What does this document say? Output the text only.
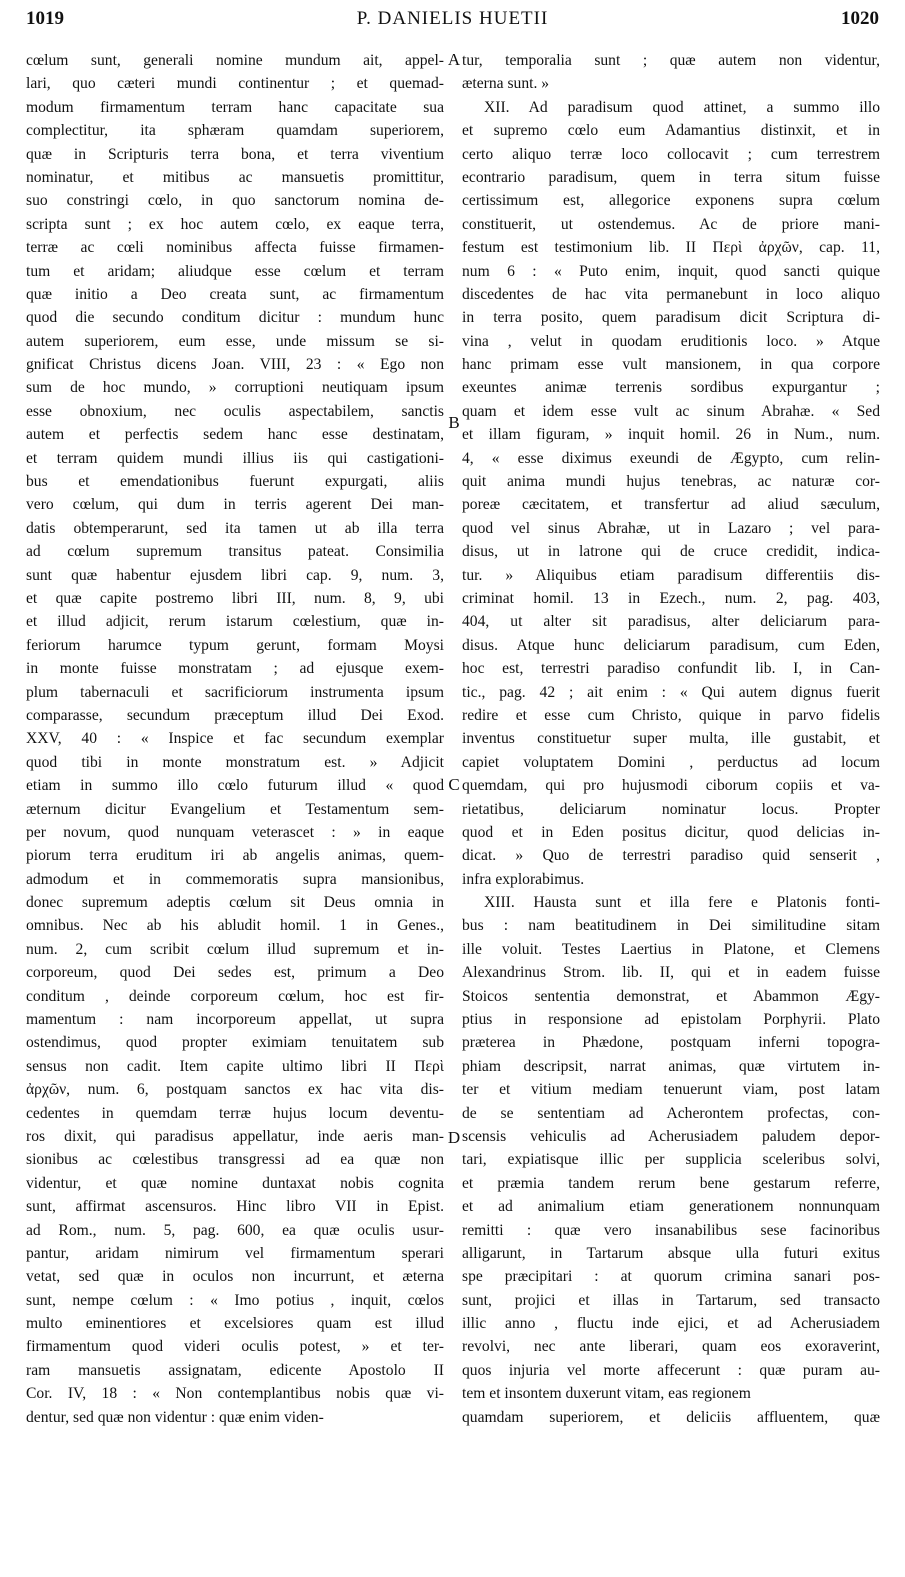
1019	P. DANIELIS HUETII	1020

cœlum sunt, generali nomine mundum ait, appel-

lari, quo cæteri mundi continentur ; et quemad-

modum firmamentum terram hanc capacitate sua

complectitur, ita sphæram quamdam superiorem,

quæ in Scripturis terra bona, et terra viventium

nominatur, et mitibus ac mansuetis promittitur,

suo constringi cœlo, in quo sanctorum nomina de-

scripta sunt ; ex hoc autem cœlo, ex eaque terra,

terræ ac cœli nominibus affecta fuisse firmamen-

tum et aridam; aliudque esse cœlum et terram

quæ initio a Deo creata sunt, ac firmamentum

quod die secundo conditum dicitur : mundum hunc

autem superiorem, eum esse, unde missum se si-

gnificat Christus dicens Joan. VIII, 23 : « Ego non

sum de hoc mundo, » corruptioni neutiquam ipsum

esse obnoxium, nec oculis aspectabilem, sanctis

autem et perfectis sedem hanc esse destinatam,

et terram quidem mundi illius iis qui castigationi-

bus et emendationibus fuerunt expurgati, aliis

vero cœlum, qui dum in terris agerent Dei man-

datis obtemperarunt, sed ita tamen ut ab illa terra

ad cœlum supremum transitus pateat. Consimilia

sunt quæ habentur ejusdem libri cap. 9, num. 3,

et quæ capite postremo libri III, num. 8, 9, ubi

et illud adjicit, rerum istarum cœlestium, quæ in-

feriorum harumce typum gerunt, formam Moysi

in monte fuisse monstratam ; ad ejusque exem-

plum tabernaculi et sacrificiorum instrumenta ipsum

comparasse, secundum præceptum illud Dei Exod.

XXV, 40 : « Inspice et fac secundum exemplar

quod tibi in monte monstratum est. » Adjicit

etiam in summo illo cœlo futurum illud « quod

æternum dicitur Evangelium et Testamentum sem-

per novum, quod nunquam veterascet : » in eaque

piorum terra eruditum iri ab angelis animas, quem-

admodum et in commemoratis supra mansionibus,

donec supremum adeptis cœlum sit Deus omnia in

omnibus. Nec ab his abludit homil. 1 in Genes.,

num. 2, cum scribit cœlum illud supremum et in-

corporeum, quod Dei sedes est, primum a Deo

conditum , deinde corporeum cœlum, hoc est fir-

mamentum : nam incorporeum appellat, ut supra

ostendimus, quod propter eximiam tenuitatem sub

sensus non cadit. Item capite ultimo libri II Περὶ

ἀρχῶν, num. 6, postquam sanctos ex hac vita dis-

cedentes in quemdam terræ hujus locum deventu-

ros dixit, qui paradisus appellatur, inde aeris man-

sionibus ac cœlestibus transgressi ad ea quæ non

videntur, et quæ nomine duntaxat nobis cognita

sunt, affirmat ascensuros. Hinc libro VII in Epist.

ad Rom., num. 5, pag. 600, ea quæ oculis usur-

pantur, aridam nimirum vel firmamentum sperari

vetat, sed quæ in oculos non incurrunt, et æterna

sunt, nempe cœlum : « Imo potius , inquit, cœlos

multo eminentiores et excelsiores quam est illud

firmamentum quod videri oculis potest, » et ter-

ram mansuetis assignatam, edicente Apostolo II

Cor. IV, 18 : « Non contemplantibus nobis quæ vi-

dentur, sed quæ non videntur : quæ enim viden-

tur, temporalia sunt ; quæ autem non videntur,

æterna sunt. »

XII. Ad paradisum quod attinet, a summo illo

et supremo cœlo eum Adamantius distinxit, et in

certo aliquo terræ loco collocavit ; cum terrestrem

econtrario paradisum, quem in terra situm fuisse

certissimum est, allegorice exponens supra cœlum

constituerit, ut ostendemus. Ac de priore mani-

festum est testimonium lib. II Περὶ ἀρχῶν, cap. 11,

num 6 : « Puto enim, inquit, quod sancti quique

discedentes de hac vita permanebunt in loco aliquo

in terra posito, quem paradisum dicit Scriptura di-

vina , velut in quodam eruditionis loco. » Atque

hanc primam esse vult mansionem, in qua corpore

exeuntes animæ terrenis sordibus expurgantur ;

quam et idem esse vult ac sinum Abrahæ. « Sed

et illam figuram, » inquit homil. 26 in Num., num.

4, « esse diximus exeundi de Ægypto, cum relin-

quit anima mundi hujus tenebras, ac naturæ cor-

poreæ cæcitatem, et transfertur ad aliud sæculum,

quod vel sinus Abrahæ, ut in Lazaro ; vel para-

disus, ut in latrone qui de cruce credidit, indica-

tur. » Aliquibus etiam paradisum differentiis dis-

criminat homil. 13 in Ezech., num. 2, pag. 403,

404, ut alter sit paradisus, alter deliciarum para-

disus. Atque hunc deliciarum paradisum, cum Eden,

hoc est, terrestri paradiso confundit lib. I, in Can-

tic., pag. 42 ; ait enim : « Qui autem dignus fuerit

redire et esse cum Christo, quique in parvo fidelis

inventus constituetur super multa, ille gustabit, et

capiet voluptatem Domini , perductus ad locum

quemdam, qui pro hujusmodi ciborum copiis et va-

rietatibus, deliciarum nominatur locus. Propter

quod et in Eden positus dicitur, quod delicias in-

dicat. » Quo de terrestri paradiso quid senserit ,

infra explorabimus.

XIII. Hausta sunt et illa fere e Platonis fonti-

bus : nam beatitudinem in Dei similitudine sitam

ille voluit. Testes Laertius in Platone, et Clemens

Alexandrinus Strom. lib. II, qui et in eadem fuisse

Stoicos sententia demonstrat, et Abammon Ægy-

ptius in responsione ad epistolam Porphyrii. Plato

præterea in Phædone, postquam inferni topogra-

phiam descripsit, narrat animas, quæ virtutem in-

ter et vitium mediam tenuerunt viam, post latam

de se sententiam ad Acherontem profectas, con-

scensis vehiculis ad Acherusiadem paludem depor-

tari, expiatisque illic per supplicia sceleribus solvi,

et præmia tandem rerum bene gestarum referre,

et ad animalium etiam generationem nonnunquam

remitti : quæ vero insanabilibus sese facinoribus

alligarunt, in Tartarum absque ulla futuri exitus

spe præcipitari : at quorum crimina sanari pos-

sunt, projici et illas in Tartarum, sed transacto

illic anno , fluctu inde ejici, et ad Acherusiadem

revolvi, nec ante liberari, quam eos exoraverint,

quos injuria vel morte affecerunt : quæ puram au-

tem et insontem duxerunt vitam, eas regionem

quamdam superiorem, et deliciis affluentem, quæ

A
B
C
D
